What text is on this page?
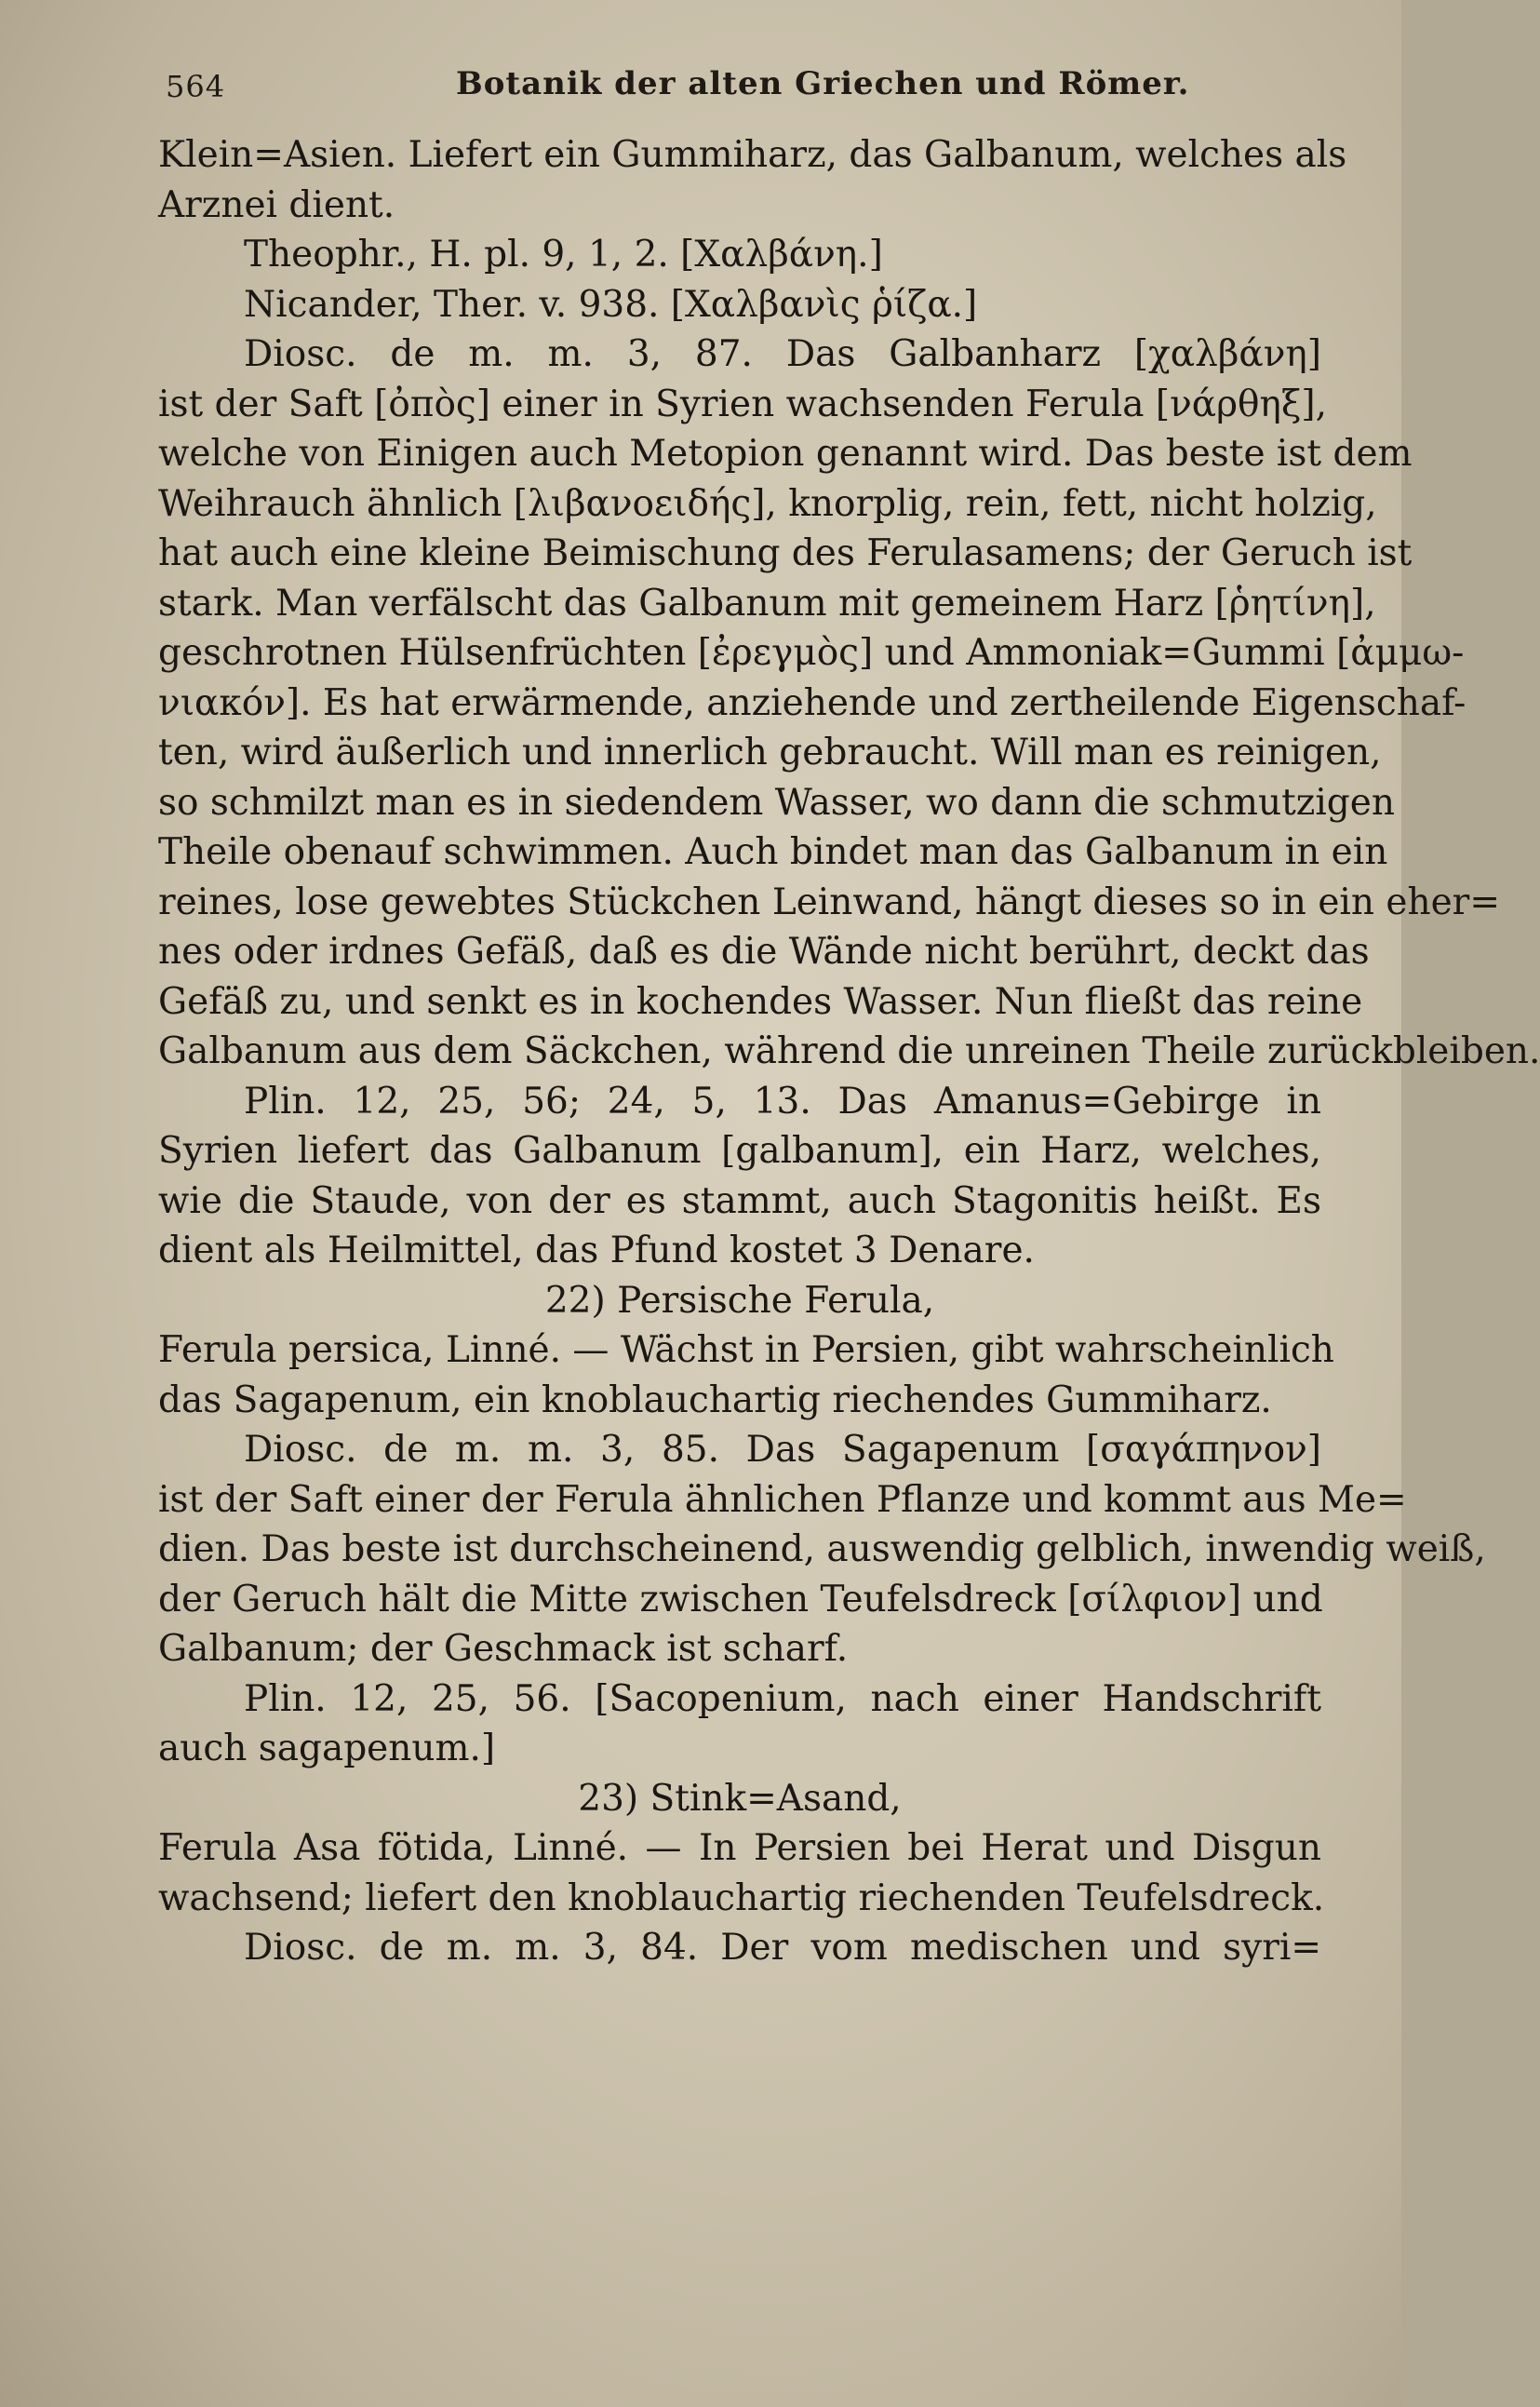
564	Botanik der alten Griechen und Römer.
Klein=Asien. Liefert ein Gummiharz, das Galbanum, welches als
Arznei dient.
Theophr., H. pl. 9, 1, 2. [Χαλβάνη.]
Nicander, Ther. v. 938. [Χαλβανὶς ῥίζα.]
Diosc. de m. m. 3, 87. Das Galbanharz [χαλβάνη]
ist der Saft [ὀπὸς] einer in Syrien wachsenden Ferula [νάρθηξ],
welche von Einigen auch Metopion genannt wird. Das beste ist dem
Weihrauch ähnlich [λιβανοειδής], knorplig, rein, fett, nicht holzig,
hat auch eine kleine Beimischung des Ferulasamens; der Geruch ist
stark. Man verfälscht das Galbanum mit gemeinem Harz [ῥητίνη],
geschrotnen Hülsenfrüchten [ἐρεγμὸς] und Ammoniak=Gummi [ἀμμω-
νιακόν]. Es hat erwärmende, anziehende und zertheilende Eigenschaf-
ten, wird äußerlich und innerlich gebraucht. Will man es reinigen,
so schmilzt man es in siedendem Wasser, wo dann die schmutzigen
Theile obenauf schwimmen. Auch bindet man das Galbanum in ein
reines, lose gewebtes Stückchen Leinwand, hängt dieses so in ein eher=
nes oder irdnes Gefäß, daß es die Wände nicht berührt, deckt das
Gefäß zu, und senkt es in kochendes Wasser. Nun fließt das reine
Galbanum aus dem Säckchen, während die unreinen Theile zurückbleiben.
Plin. 12, 25, 56; 24, 5, 13. Das Amanus=Gebirge in
Syrien liefert das Galbanum [galbanum], ein Harz, welches,
wie die Staude, von der es stammt, auch Stagonitis heißt. Es
dient als Heilmittel, das Pfund kostet 3 Denare.
22) Persische Ferula,
Ferula persica, Linné. — Wächst in Persien, gibt wahrscheinlich
das Sagapenum, ein knoblauchartig riechendes Gummiharz.
Diosc. de m. m. 3, 85. Das Sagapenum [σαγάπηνον]
ist der Saft einer der Ferula ähnlichen Pflanze und kommt aus Me=
dien. Das beste ist durchscheinend, auswendig gelblich, inwendig weiß,
der Geruch hält die Mitte zwischen Teufelsdreck [σίλφιον] und
Galbanum; der Geschmack ist scharf.
Plin. 12, 25, 56. [Sacopenium, nach einer Handschrift
auch sagapenum.]
23) Stink=Asand,
Ferula Asa fötida, Linné. — In Persien bei Herat und Disgun
wachsend; liefert den knoblauchartig riechenden Teufelsdreck.
Diosc. de m. m. 3, 84. Der vom medischen und syri=
